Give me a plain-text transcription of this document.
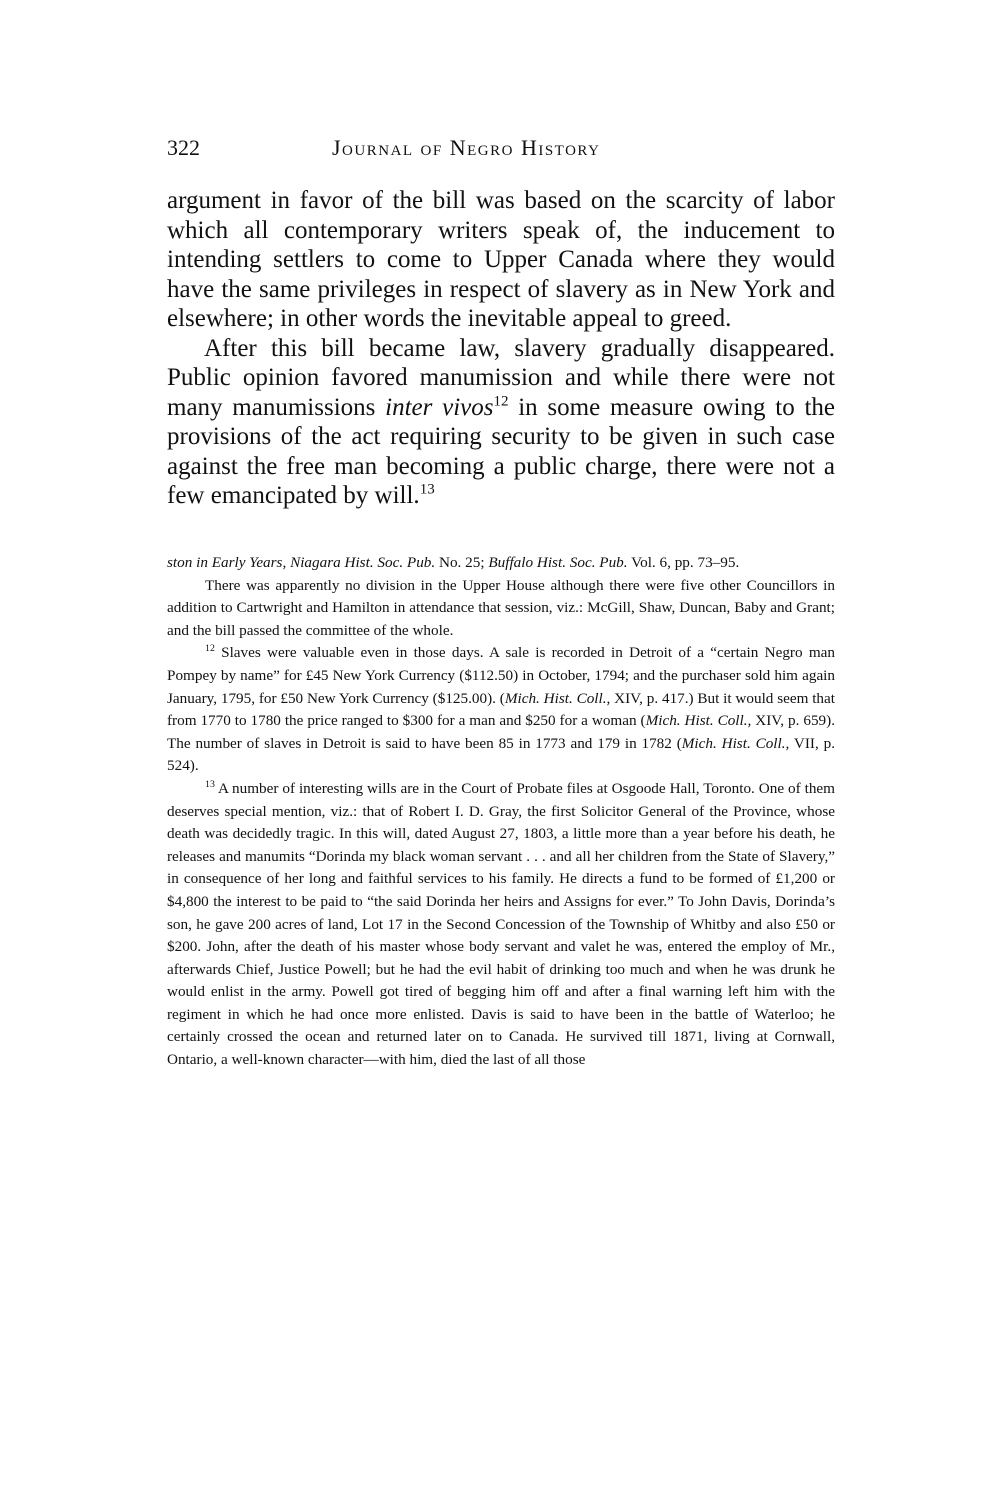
322	Journal of Negro History

argument in favor of the bill was based on the scarcity of labor which all contemporary writers speak of, the inducement to intending settlers to come to Upper Canada where they would have the same privileges in respect of slavery as in New York and elsewhere; in other words the inevitable appeal to greed.

After this bill became law, slavery gradually disappeared. Public opinion favored manumission and while there were not many manumissions inter vivos$^{12}$ in some measure owing to the provisions of the act requiring security to be given in such case against the free man becoming a public charge, there were not a few emancipated by will.$^{13}$

ston in Early Years, Niagara Hist. Soc. Pub. No. 25; Buffalo Hist. Soc. Pub. Vol. 6, pp. 73–95.

There was apparently no division in the Upper House although there were five other Councillors in addition to Cartwright and Hamilton in attendance that session, viz.: McGill, Shaw, Duncan, Baby and Grant; and the bill passed the committee of the whole.

$^{12}$ Slaves were valuable even in those days. A sale is recorded in Detroit of a “certain Negro man Pompey by name” for £45 New York Currency ($112.50) in October, 1794; and the purchaser sold him again January, 1795, for £50 New York Currency ($125.00). (Mich. Hist. Coll., XIV, p. 417.) But it would seem that from 1770 to 1780 the price ranged to $300 for a man and $250 for a woman (Mich. Hist. Coll., XIV, p. 659). The number of slaves in Detroit is said to have been 85 in 1773 and 179 in 1782 (Mich. Hist. Coll., VII, p. 524).

$^{13}$ A number of interesting wills are in the Court of Probate files at Osgoode Hall, Toronto. One of them deserves special mention, viz.: that of Robert I. D. Gray, the first Solicitor General of the Province, whose death was decidedly tragic. In this will, dated August 27, 1803, a little more than a year before his death, he releases and manumits “Dorinda my black woman servant . . . and all her children from the State of Slavery,” in consequence of her long and faithful services to his family. He directs a fund to be formed of £1,200 or $4,800 the interest to be paid to “the said Dorinda her heirs and Assigns for ever.” To John Davis, Dorinda’s son, he gave 200 acres of land, Lot 17 in the Second Concession of the Township of Whitby and also £50 or $200. John, after the death of his master whose body servant and valet he was, entered the employ of Mr., afterwards Chief, Justice Powell; but he had the evil habit of drinking too much and when he was drunk he would enlist in the army. Powell got tired of begging him off and after a final warning left him with the regiment in which he had once more enlisted. Davis is said to have been in the battle of Waterloo; he certainly crossed the ocean and returned later on to Canada. He survived till 1871, living at Cornwall, Ontario, a well-known character—with him, died the last of all those
